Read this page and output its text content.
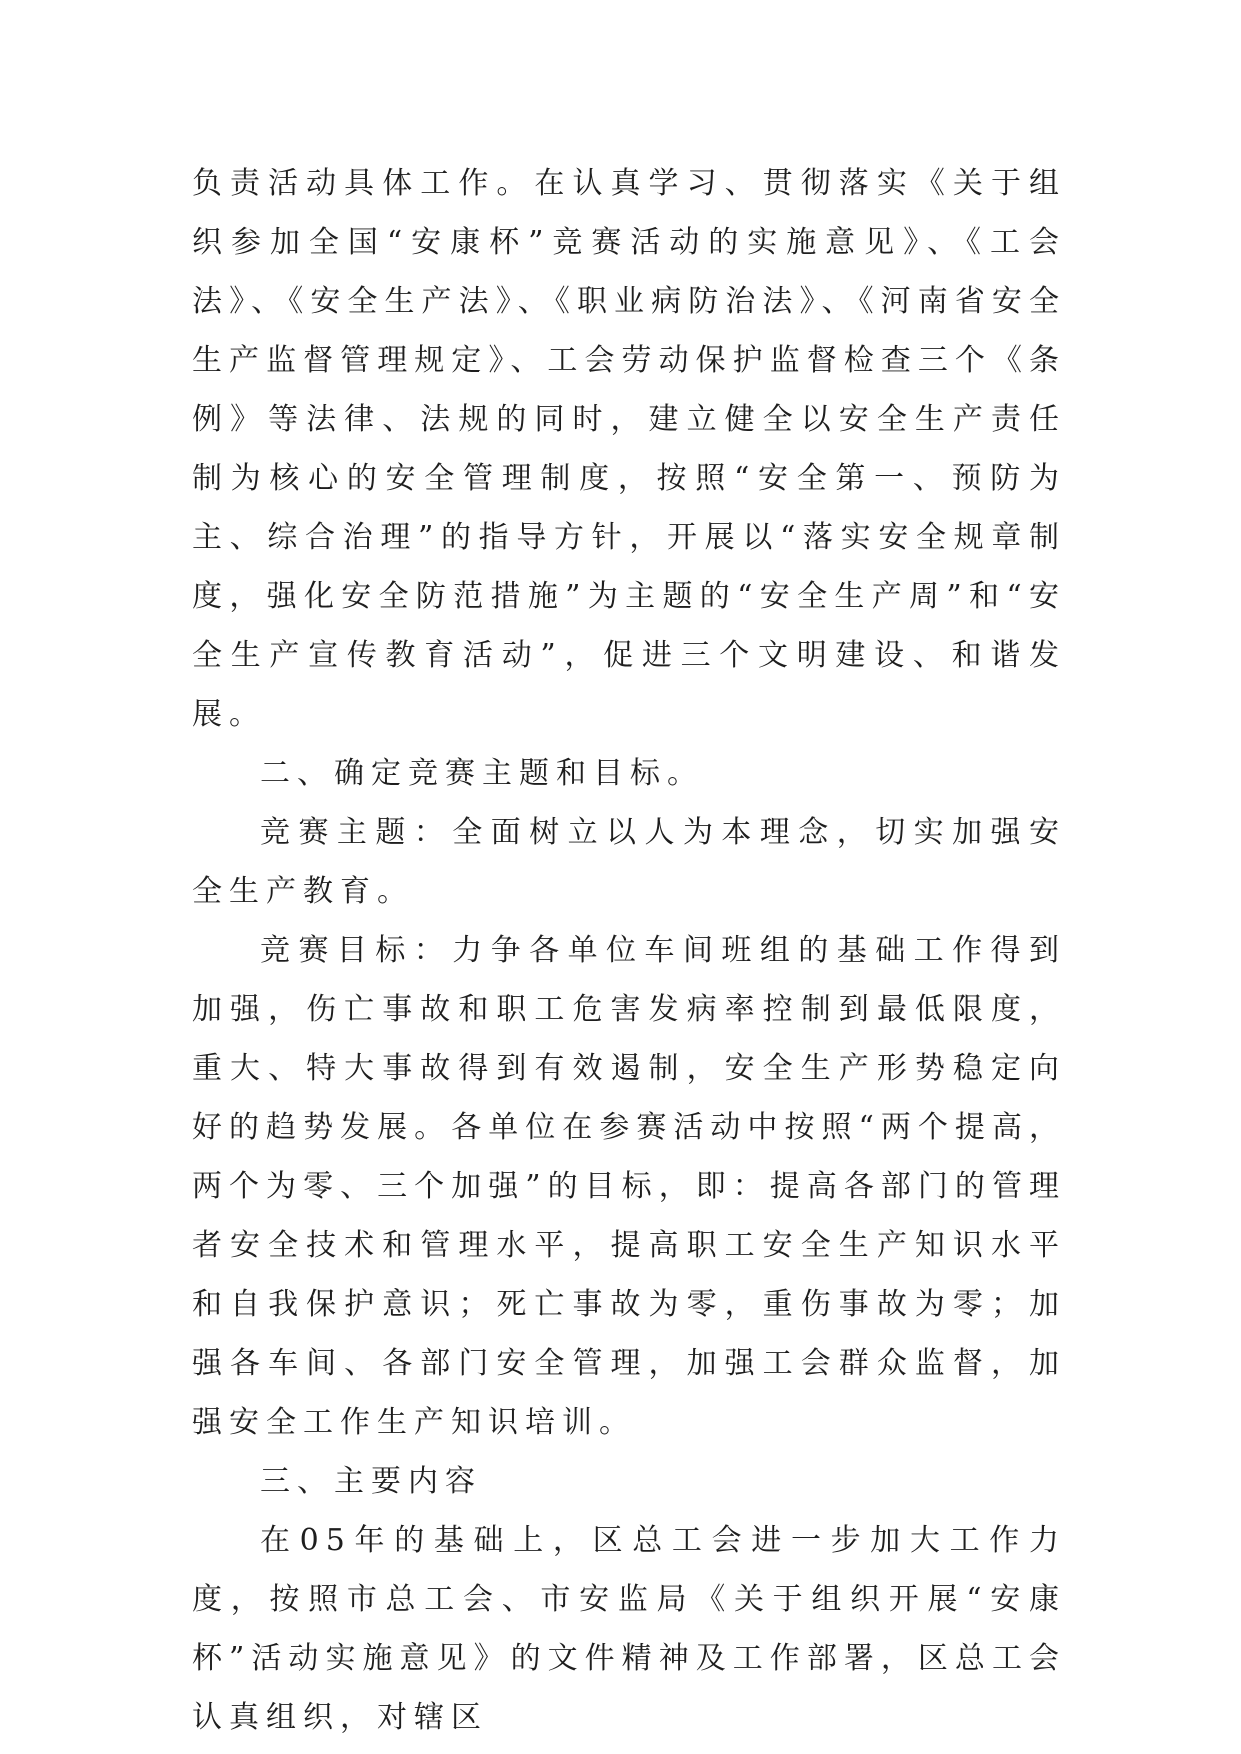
负责活动具体工作。在认真学习、贯彻落实《关于组织参加全国“安康杯”竞赛活动的实施意见》、《工会法》、《安全生产法》、《职业病防治法》、《河南省安全生产监督管理规定》、工会劳动保护监督检查三个《条例》等法律、法规的同时，建立健全以安全生产责任制为核心的安全管理制度，按照“安全第一、预防为主、综合治理”的指导方针，开展以“落实安全规章制度，强化安全防范措施”为主题的“安全生产周”和“安全生产宣传教育活动”，促进三个文明建设、和谐发展。

二、确定竞赛主题和目标。

竞赛主题：全面树立以人为本理念，切实加强安全生产教育。

竞赛目标：力争各单位车间班组的基础工作得到加强，伤亡事故和职工危害发病率控制到最低限度，重大、特大事故得到有效遏制，安全生产形势稳定向好的趋势发展。各单位在参赛活动中按照“两个提高，两个为零、三个加强”的目标，即：提高各部门的管理者安全技术和管理水平，提高职工安全生产知识水平和自我保护意识；死亡事故为零，重伤事故为零；加强各车间、各部门安全管理，加强工会群众监督，加强安全工作生产知识培训。

三、主要内容

在05年的基础上，区总工会进一步加大工作力度，按照市总工会、市安监局《关于组织开展“安康杯”活动实施意见》的文件精神及工作部署，区总工会认真组织，对辖区
